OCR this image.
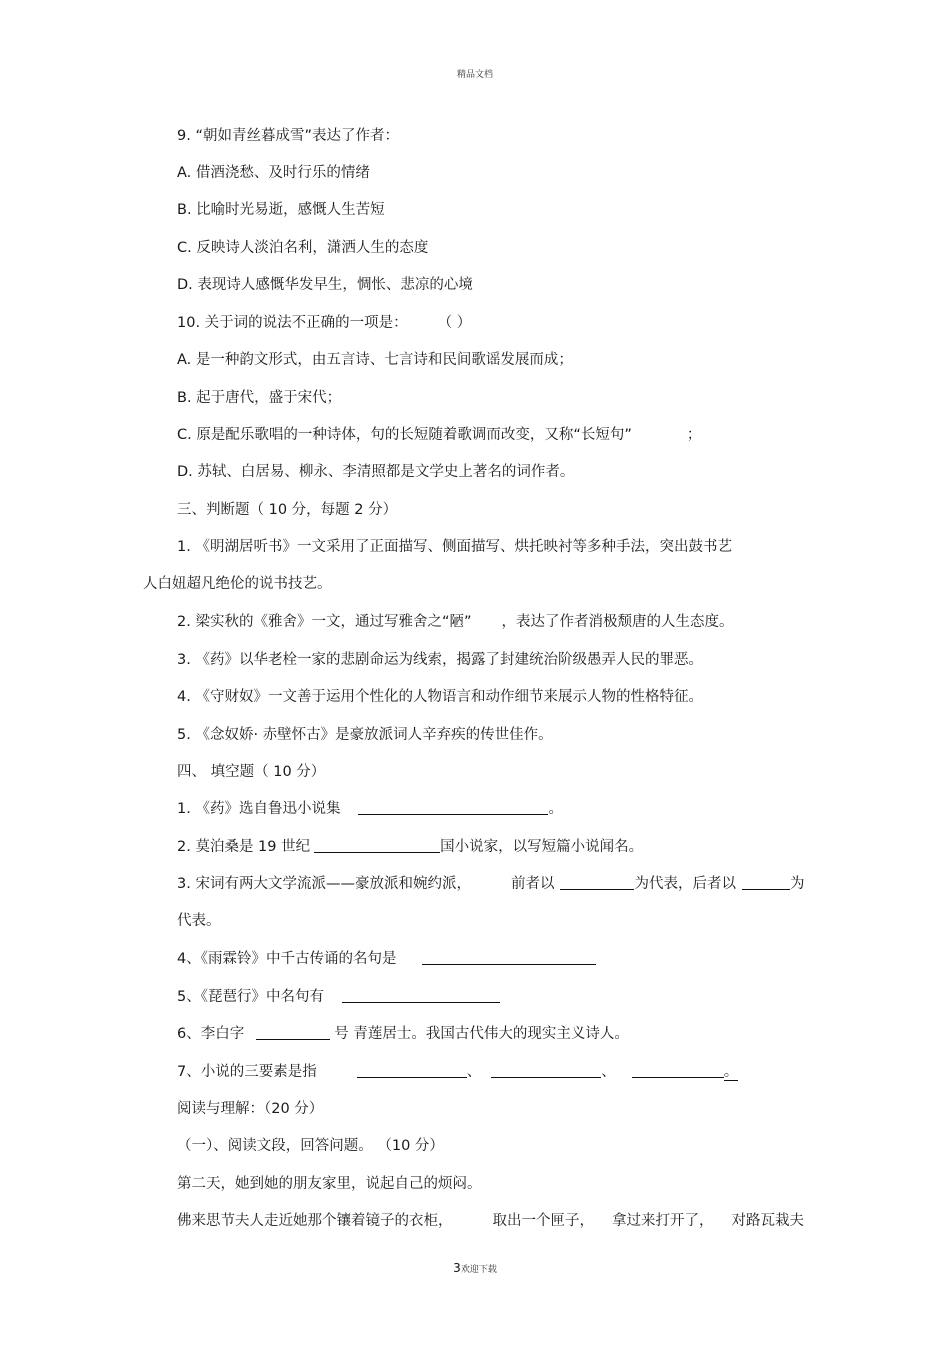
精品文档
9. “朝如青丝暮成雪”表达了作者：
A. 借酒浇愁、及时行乐的情绪
B. 比喻时光易逝，感慨人生苦短
C. 反映诗人淡泊名利，潇洒人生的态度
D. 表现诗人感慨华发早生，惆怅、悲凉的心境
10. 关于词的说法不正确的一项是： （ ）
A. 是一种韵文形式，由五言诗、七言诗和民间歌谣发展而成；
B. 起于唐代，盛于宋代；
C. 原是配乐歌唱的一种诗体，句的长短随着歌调而改变，又称“长短句”	；
D. 苏轼、白居易、柳永、李清照都是文学史上著名的词作者。
三、判断题（ 10 分，每题 2 分）
1. 《明湖居听书》一文采用了正面描写、侧面描写、烘托映衬等多种手法，突出鼓书艺
人白妞超凡绝伦的说书技艺。
2. 梁实秋的《雅舍》一文，通过写雅舍之“陋” ，表达了作者消极颓唐的人生态度。
3. 《药》以华老栓一家的悲剧命运为线索，揭露了封建统治阶级愚弄人民的罪恶。
4. 《守财奴》一文善于运用个性化的人物语言和动作细节来展示人物的性格特征。
5. 《念奴娇· 赤壁怀古》是豪放派词人辛弃疾的传世佳作。
四、 填空题（ 10 分）
1. 《药》选自鲁迅小说集	。
2. 莫泊桑是 19 世纪	国小说家，以写短篇小说闻名。
3. 宋词有两大文学流派——豪放派和婉约派，	前者以	为代表，后者以	为
代表。
4、《雨霖铃》中千古传诵的名句是
5、《琵琶行》中名句有
6、李白字	号 青莲居士。我国古代伟大的现实主义诗人。
7、小说的三要素是指	、	、	。
阅读与理解：（20 分）
（一）、阅读文段，回答问题。 （10 分）
第二天，她到她的朋友家里，说起自己的烦闷。
佛来思节夫人走近她那个镶着镜子的衣柜，	取出一个匣子， 拿过来打开了， 对路瓦栽夫
3欢迎下载
